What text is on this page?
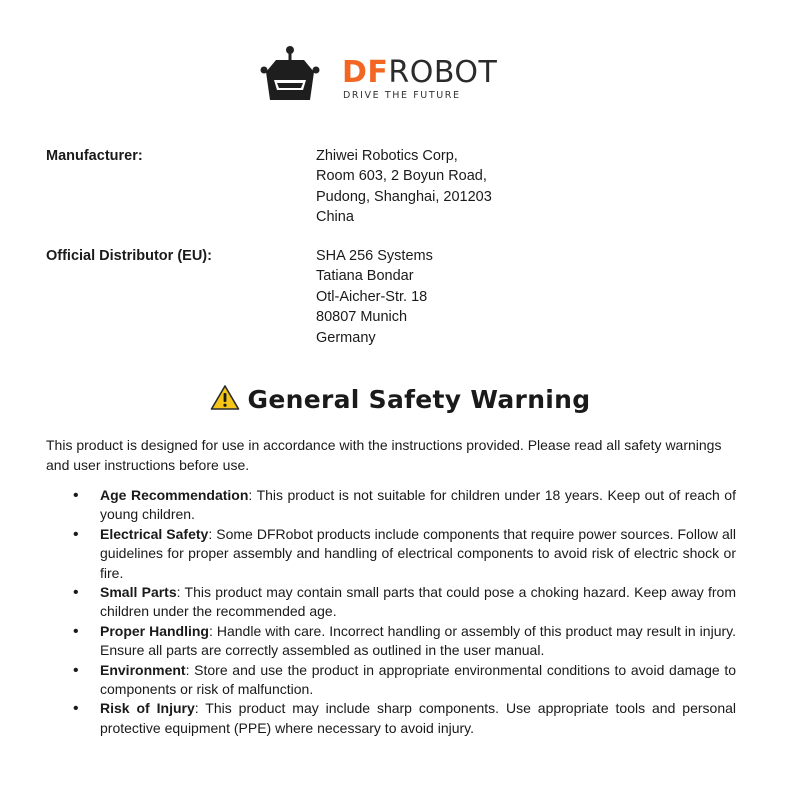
DFROBOT
DRIVE THE FUTURE
Manufacturer:	Zhiwei Robotics Corp,
Room 603, 2 Boyun Road,
Pudong, Shanghai, 201203
China
Official Distributor (EU):	SHA 256 Systems
Tatiana Bondar
Otl-Aicher-Str. 18
80807 Munich
Germany
General Safety Warning
This product is designed for use in accordance with the instructions provided. Please read all safety warnings and user instructions before use.
• Age Recommendation: This product is not suitable for children under 18 years. Keep out of reach of young children.
• Electrical Safety: Some DFRobot products include components that require power sources. Follow all guidelines for proper assembly and handling of electrical components to avoid risk of electric shock or fire.
• Small Parts: This product may contain small parts that could pose a choking hazard. Keep away from children under the recommended age.
• Proper Handling: Handle with care. Incorrect handling or assembly of this product may result in injury. Ensure all parts are correctly assembled as outlined in the user manual.
• Environment: Store and use the product in appropriate environmental conditions to avoid damage to components or risk of malfunction.
• Risk of Injury: This product may include sharp components. Use appropriate tools and personal protective equipment (PPE) where necessary to avoid injury.
